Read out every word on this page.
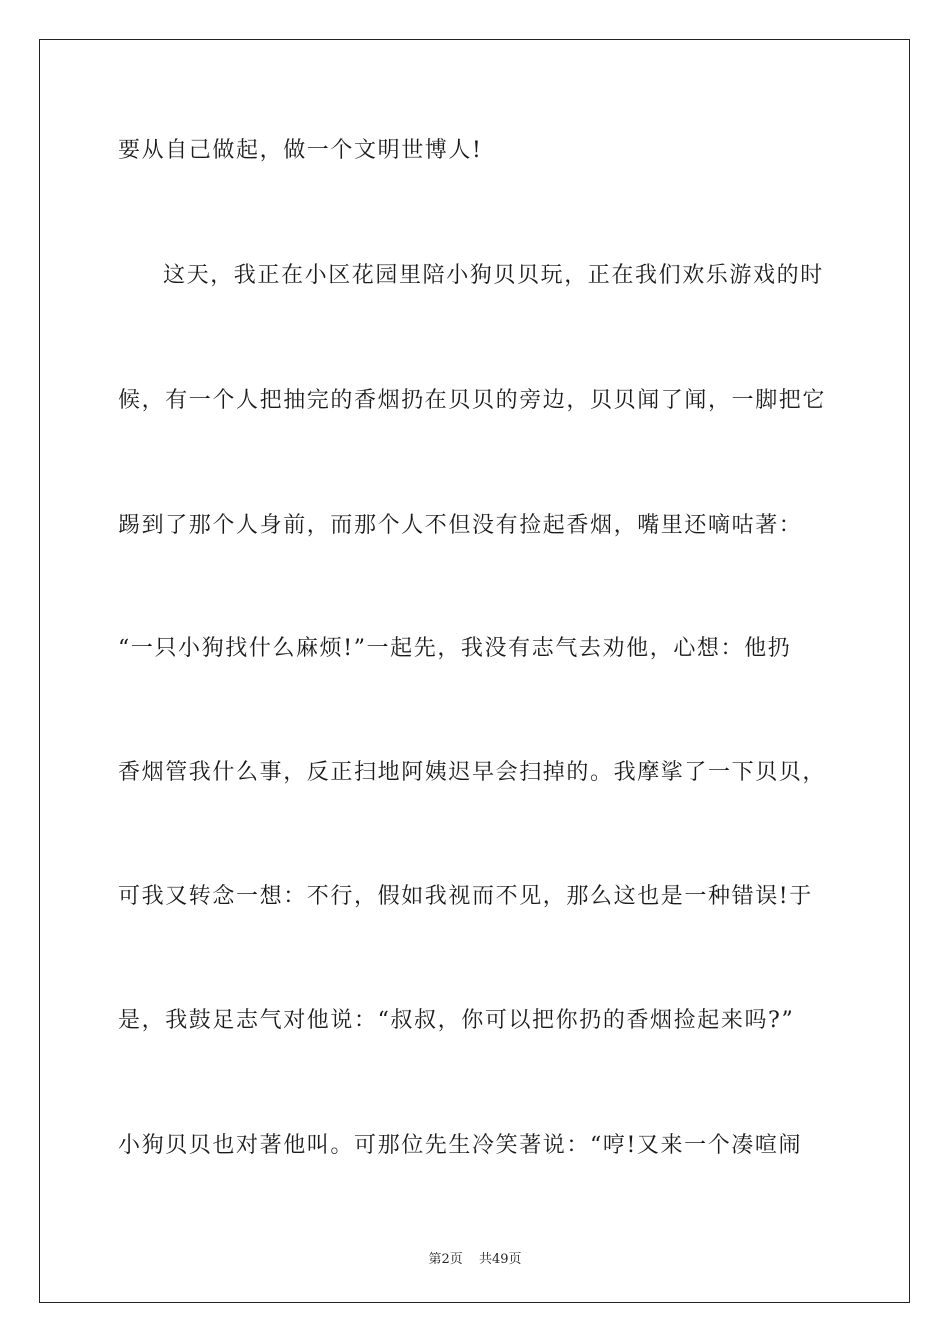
要从自己做起，做一个文明世博人!
这天，我正在小区花园里陪小狗贝贝玩，正在我们欢乐游戏的时
候，有一个人把抽完的香烟扔在贝贝的旁边，贝贝闻了闻，一脚把它
踢到了那个人身前，而那个人不但没有捡起香烟，嘴里还嘀咕著：
“一只小狗找什么麻烦!”一起先，我没有志气去劝他，心想：他扔
香烟管我什么事，反正扫地阿姨迟早会扫掉的。我摩挲了一下贝贝，
可我又转念一想：不行，假如我视而不见，那么这也是一种错误!于
是，我鼓足志气对他说：“叔叔，你可以把你扔的香烟捡起来吗?”
小狗贝贝也对著他叫。可那位先生冷笑著说：“哼!又来一个凑喧闹
第2页 共49页
